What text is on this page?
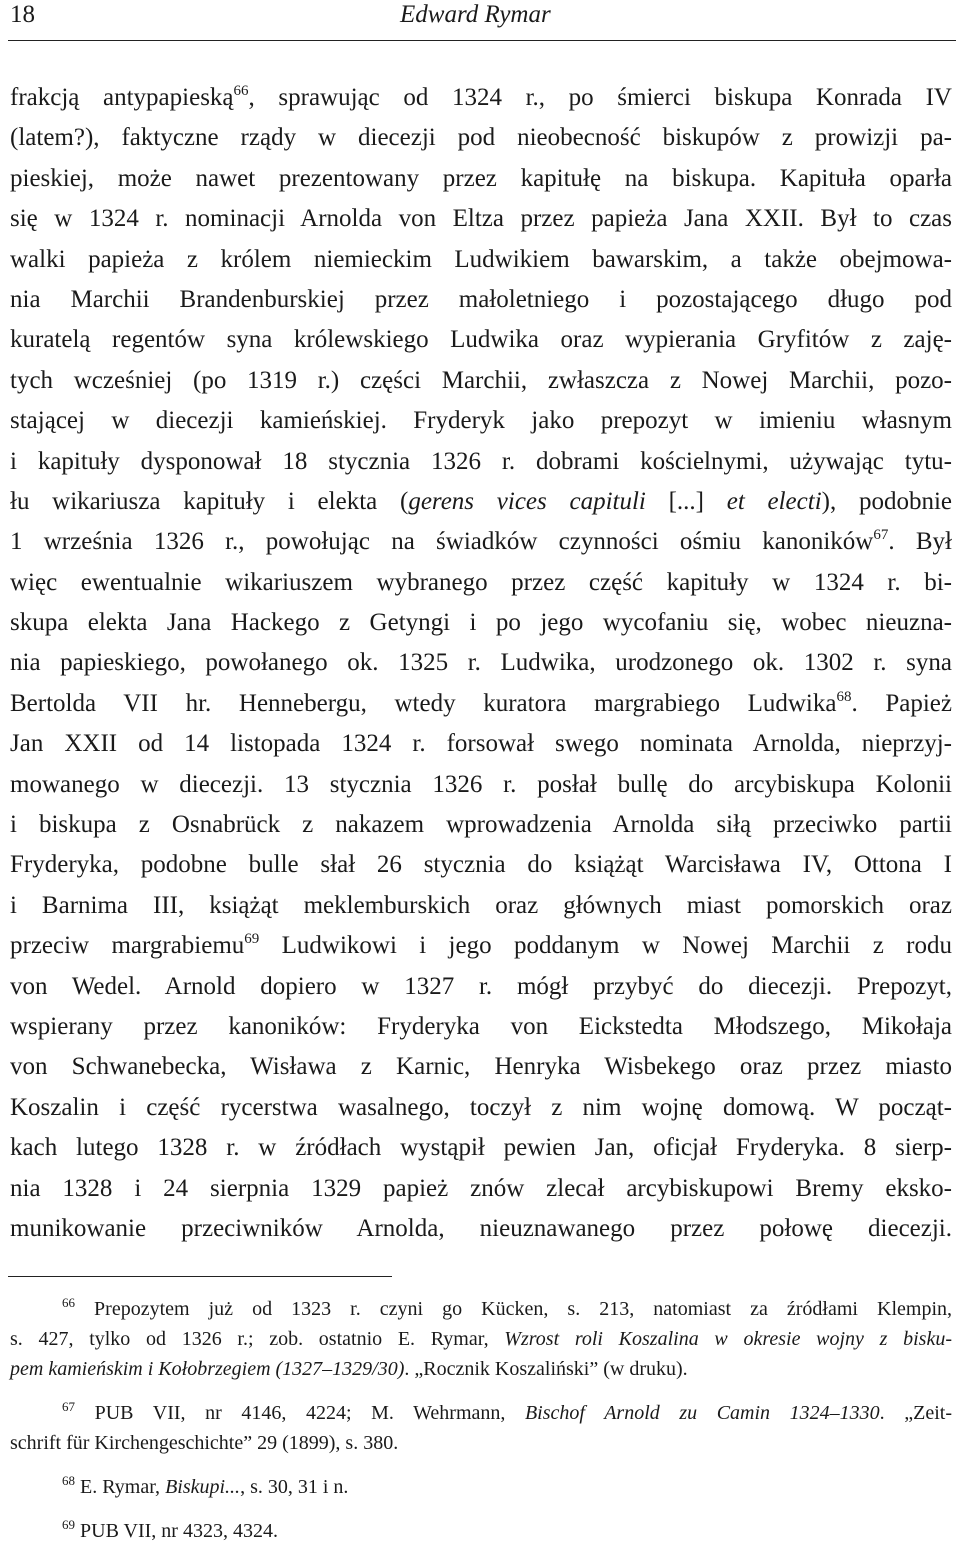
18	Edward Rymar
frakcją antypapieską$^{66}$, sprawując od 1324 r., po śmierci biskupa Konrada IV
(latem?), faktyczne rządy w diecezji pod nieobecność biskupów z prowizji pa-
pieskiej, może nawet prezentowany przez kapitułę na biskupa. Kapituła oparła
się w 1324 r. nominacji Arnolda von Eltza przez papieża Jana XXII. Był to czas
walki papieża z królem niemieckim Ludwikiem bawarskim, a także obejmowa-
nia Marchii Brandenburskiej przez małoletniego i pozostającego długo pod
kuratelą regentów syna królewskiego Ludwika oraz wypierania Gryfitów z zaję-
tych wcześniej (po 1319 r.) części Marchii, zwłaszcza z Nowej Marchii, pozo-
stającej w diecezji kamieńskiej. Fryderyk jako prepozyt w imieniu własnym
i kapituły dysponował 18 stycznia 1326 r. dobrami kościelnymi, używając tytu-
łu wikariusza kapituły i elekta (gerens vices capituli [...] et electi), podobnie
1 września 1326 r., powołując na świadków czynności ośmiu kanoników$^{67}$. Był
więc ewentualnie wikariuszem wybranego przez część kapituły w 1324 r. bi-
skupa elekta Jana Hackego z Getyngi i po jego wycofaniu się, wobec nieuzna-
nia papieskiego, powołanego ok. 1325 r. Ludwika, urodzonego ok. 1302 r. syna
Bertolda VII hr. Hennebergu, wtedy kuratora margrabiego Ludwika$^{68}$. Papież
Jan XXII od 14 listopada 1324 r. forsował swego nominata Arnolda, nieprzyj-
mowanego w diecezji. 13 stycznia 1326 r. posłał bullę do arcybiskupa Kolonii
i biskupa z Osnabrück z nakazem wprowadzenia Arnolda siłą przeciwko partii
Fryderyka, podobne bulle słał 26 stycznia do książąt Warcisława IV, Ottona I
i Barnima III, książąt meklemburskich oraz głównych miast pomorskich oraz
przeciw margrabiemu$^{69}$ Ludwikowi i jego poddanym w Nowej Marchii z rodu
von Wedel. Arnold dopiero w 1327 r. mógł przybyć do diecezji. Prepozyt,
wspierany przez kanoników: Fryderyka von Eickstedta Młodszego, Mikołaja
von Schwanebecka, Wisława z Karnic, Henryka Wisbekego oraz przez miasto
Koszalin i część rycerstwa wasalnego, toczył z nim wojnę domową. W począt-
kach lutego 1328 r. w źródłach wystąpił pewien Jan, oficjał Fryderyka. 8 sierp-
nia 1328 i 24 sierpnia 1329 papież znów zlecał arcybiskupowi Bremy eksko-
munikowanie przeciwników Arnolda, nieuznawanego przez połowę diecezji.
$^{66}$ Prepozytem już od 1323 r. czyni go Kücken, s. 213, natomiast za źródłami Klempin,
s. 427, tylko od 1326 r.; zob. ostatnio E. Rymar, Wzrost roli Koszalina w okresie wojny z bisku-
pem kamieńskim i Kołobrzegiem (1327–1329/30). „Rocznik Koszaliński” (w druku).
$^{67}$ PUB VII, nr 4146, 4224; M. Wehrmann, Bischof Arnold zu Camin 1324–1330. „Zeit-
schrift für Kirchengeschichte” 29 (1899), s. 380.
$^{68}$ E. Rymar, Biskupi..., s. 30, 31 i n.
$^{69}$ PUB VII, nr 4323, 4324.
